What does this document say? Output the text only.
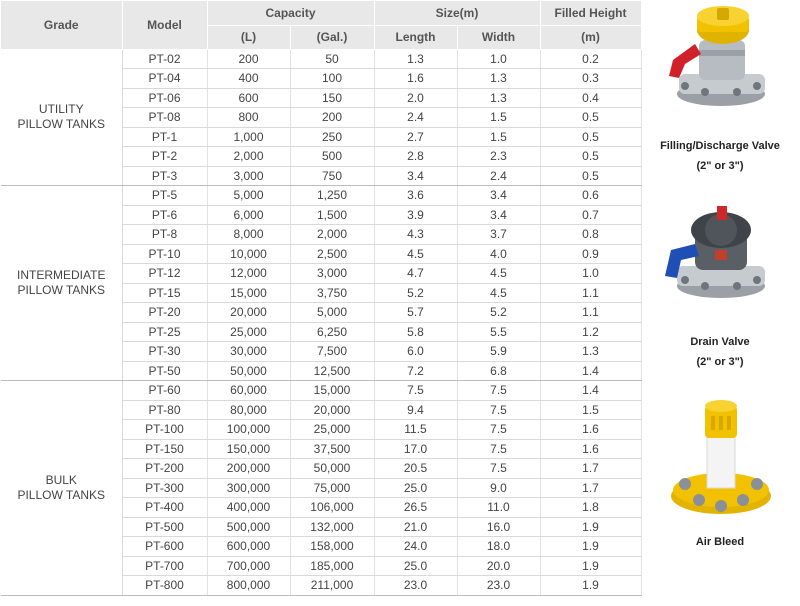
Grade	Model	Capacity		Size(m)		Filled Height
		(L)	(Gal.)	Length	Width	(m)

UTILITY
PILLOW TANKS	PT-02	200	50	1.3	1.0	0.2
	PT-04	400	100	1.6	1.3	0.3
	PT-06	600	150	2.0	1.3	0.4
	PT-08	800	200	2.4	1.5	0.5
	PT-1	1,000	250	2.7	1.5	0.5
	PT-2	2,000	500	2.8	2.3	0.5
	PT-3	3,000	750	3.4	2.4	0.5

INTERMEDIATE
PILLOW TANKS	PT-5	5,000	1,250	3.6	3.4	0.6
	PT-6	6,000	1,500	3.9	3.4	0.7
	PT-8	8,000	2,000	4.3	3.7	0.8
	PT-10	10,000	2,500	4.5	4.0	0.9
	PT-12	12,000	3,000	4.7	4.5	1.0
	PT-15	15,000	3,750	5.2	4.5	1.1
	PT-20	20,000	5,000	5.7	5.2	1.1
	PT-25	25,000	6,250	5.8	5.5	1.2
	PT-30	30,000	7,500	6.0	5.9	1.3
	PT-50	50,000	12,500	7.2	6.8	1.4

BULK
PILLOW TANKS	PT-60	60,000	15,000	7.5	7.5	1.4
	PT-80	80,000	20,000	9.4	7.5	1.5
	PT-100	100,000	25,000	11.5	7.5	1.6
	PT-150	150,000	37,500	17.0	7.5	1.6
	PT-200	200,000	50,000	20.5	7.5	1.7
	PT-300	300,000	75,000	25.0	9.0	1.7
	PT-400	400,000	106,000	26.5	11.0	1.8
	PT-500	500,000	132,000	21.0	16.0	1.9
	PT-600	600,000	158,000	24.0	18.0	1.9
	PT-700	700,000	185,000	25.0	20.0	1.9
	PT-800	800,000	211,000	23.0	23.0	1.9
Filling/Discharge Valve
(2" or 3")
Drain Valve
(2" or 3")
Air Bleed
